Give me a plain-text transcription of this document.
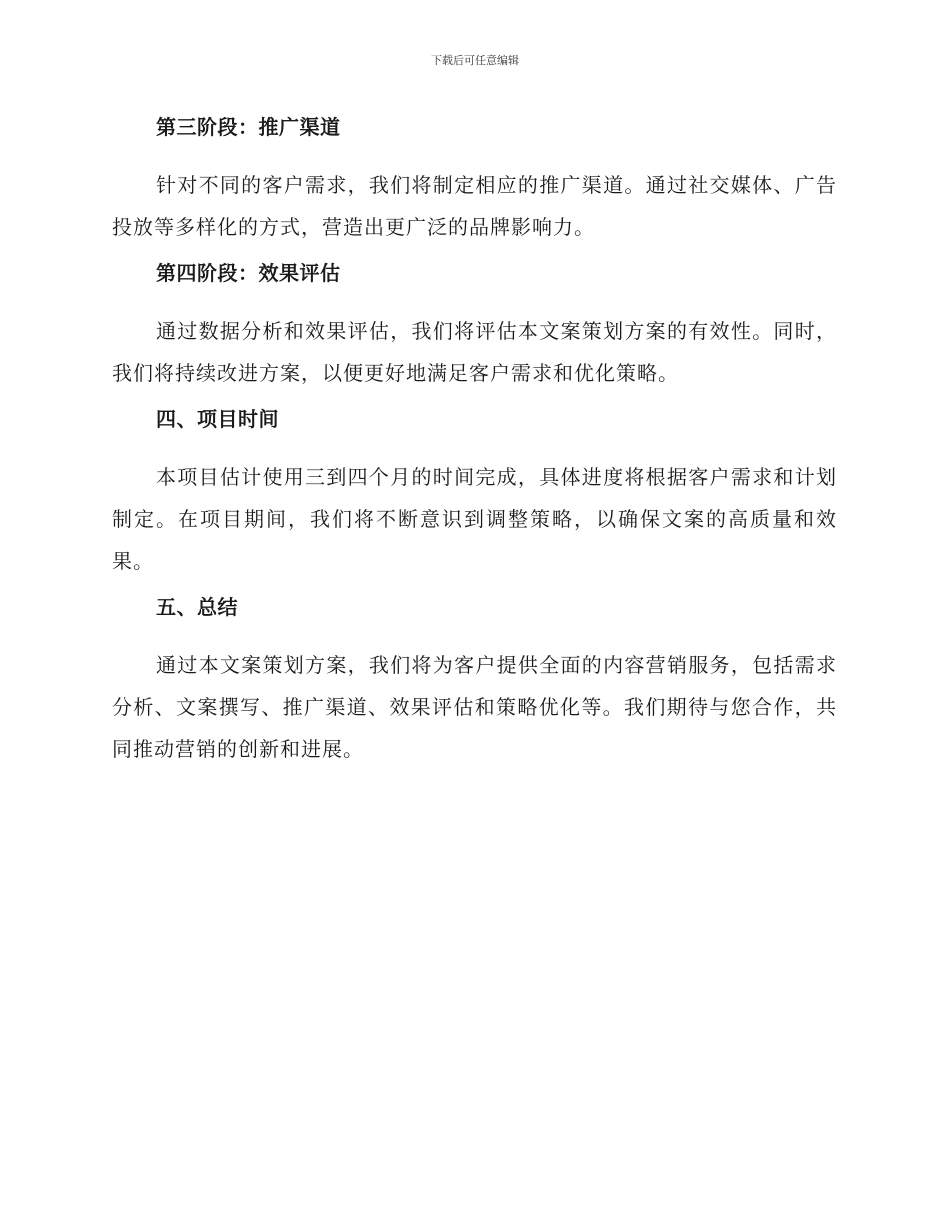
下载后可任意编辑
第三阶段：推广渠道

针对不同的客户需求，我们将制定相应的推广渠道。通过社交媒体、广告投放等多样化的方式，营造出更广泛的品牌影响力。

第四阶段：效果评估

通过数据分析和效果评估，我们将评估本文案策划方案的有效性。同时，我们将持续改进方案，以便更好地满足客户需求和优化策略。

四、项目时间

本项目估计使用三到四个月的时间完成，具体进度将根据客户需求和计划制定。在项目期间，我们将不断意识到调整策略，以确保文案的高质量和效果。

五、总结

通过本文案策划方案，我们将为客户提供全面的内容营销服务，包括需求分析、文案撰写、推广渠道、效果评估和策略优化等。我们期待与您合作，共同推动营销的创新和进展。
